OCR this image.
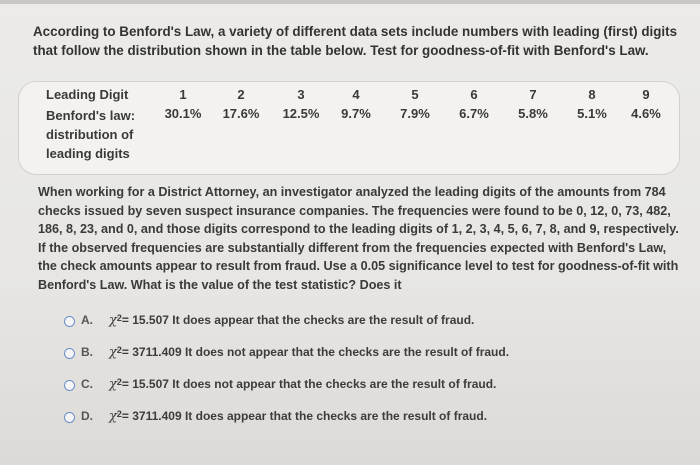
According to Benford's Law, a variety of different data sets include numbers with leading (first) digits that follow the distribution shown in the table below. Test for goodness-of-fit with Benford's Law.
Leading Digit	1	2	3	4	5	6	7	8	9

Benford's law:
distribution of
leading digits	30.1%	17.6%	12.5%	9.7%	7.9%	6.7%	5.8%	5.1%	4.6%
When working for a District Attorney, an investigator analyzed the leading digits of the amounts from 784 checks issued by seven suspect insurance companies. The frequencies were found to be 0, 12, 0, 73, 482, 186, 8, 23, and 0, and those digits correspond to the leading digits of 1, 2, 3, 4, 5, 6, 7, 8, and 9, respectively. If the observed frequencies are substantially different from the frequencies expected with Benford's Law, the check amounts appear to result from fraud. Use a 0.05 significance level to test for goodness-of-fit with Benford's Law. What is the value of the test statistic? Does it
A.	χ 2 = 15.507 It does appear that the checks are the result of fraud.
B.	χ 2 = 3711.409 It does not appear that the checks are the result of fraud.
C.	χ 2 = 15.507 It does not appear that the checks are the result of fraud.
D.	χ 2 = 3711.409 It does appear that the checks are the result of fraud.
